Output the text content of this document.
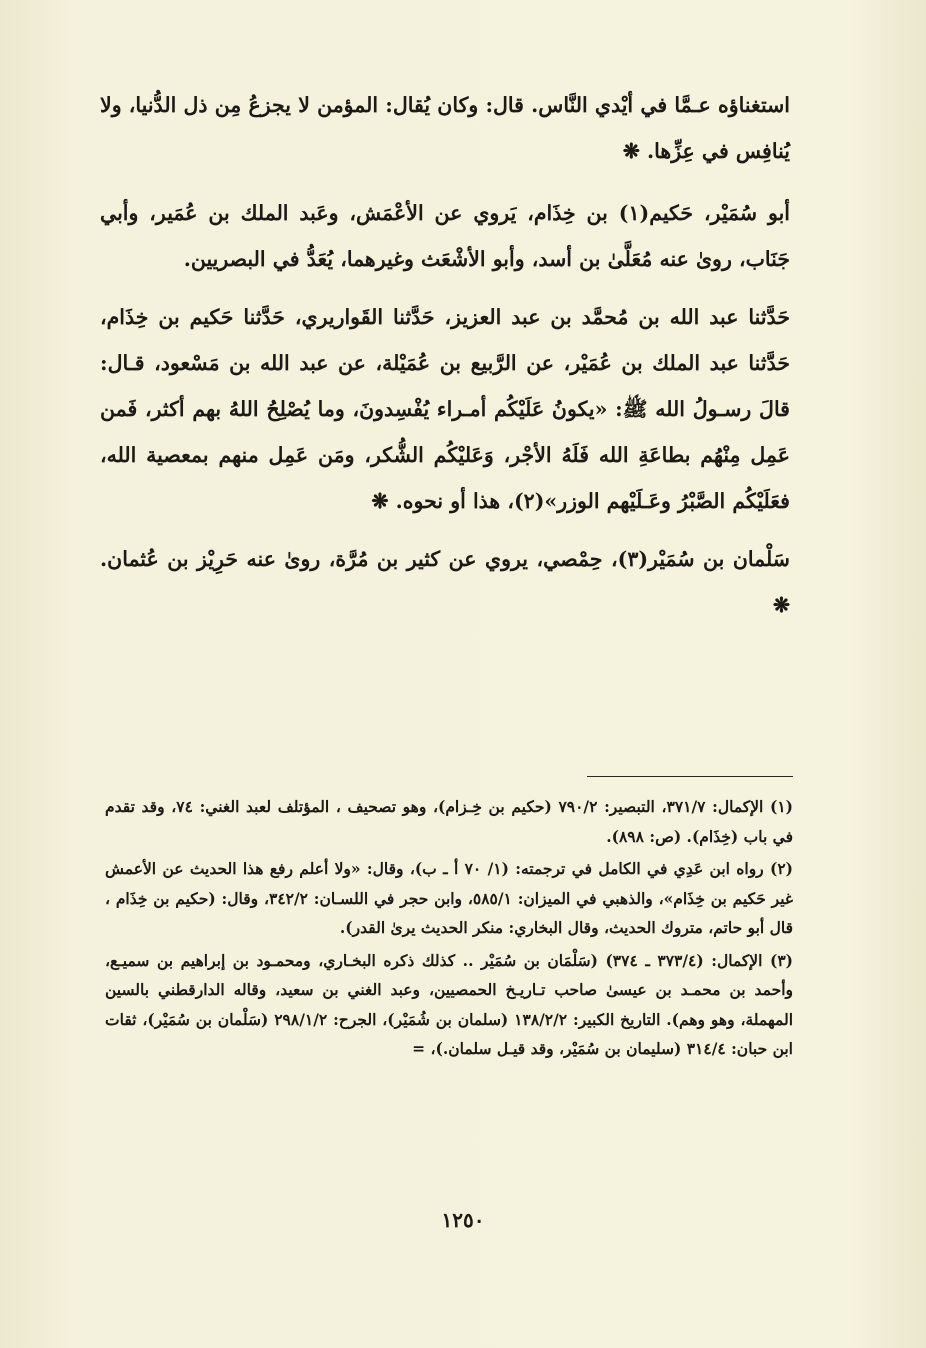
استغناؤه عـمَّا في أيْدي النَّاس. قال: وكان يُقال: المؤمن لا يجزعُ مِن ذل الدُّنيا، ولا يُنافِس في عِزِّها. ❋

أبو سُمَيْر، حَكيم(١) بن خِذَام، يَروي عن الأعْمَش، وعَبد الملك بن عُمَير، وأبي جَنَاب، روىٰ عنه مُعَلَّىٰ بن أسد، وأبو الأشْعَث وغيرهما، يُعَدُّ في البصريين.

حَدَّثنا عبد الله بن مُحمَّد بن عبد العزيز، حَدَّثنا القَواريري، حَدَّثنا حَكيم بن خِذَام، حَدَّثنا عبد الملك بن عُمَيْر، عن الرَّبيع بن عُمَيْلة، عن عبد الله بن مَسْعود، قـال: قالَ رسـولُ الله ﷺ: «يكونُ عَلَيْكُم أمـراء يُفْسِدونَ، وما يُصْلِحُ اللهُ بهم أكثر، فَمن عَمِل مِنْهُم بطاعَةِ الله فَلَهُ الأجْر، وَعَليْكُم الشُّكر، ومَن عَمِل منهم بمعصية الله، فعَلَيْكُم الصَّبْرُ وعَـلَيْهم الوزر»(٢)، هذا أو نحوه. ❋

سَلْمان بن سُمَيْر(٣)، حِمْصي، يروي عن كثير بن مُرَّة، روىٰ عنه حَرِيْز بن عُثمان. ❋

(١) الإكمال: ٣٧١/٧، التبصير: ٧٩٠/٢ (حكيم بن خِـزام)، وهو تصحيف ، المؤتلف لعبد الغني: ٧٤، وقد تقدم في باب (خِذَام). (ص: ٨٩٨).

(٢) رواه ابن عَدِي في الكامل في ترجمته: (١/ ٧٠ أ ـ ب)، وقال: «ولا أعلم رفع هذا الحديث عن الأعمش غير حَكيم بن خِذَام»، والذهبي في الميزان: ٥٨٥/١، وابن حجر في اللسـان: ٣٤٢/٢، وقال: (حكيم بن خِذَام ، قال أبو حاتم، متروك الحديث، وقال البخاري: منكر الحديث يرىٰ القدر).

(٣) الإكمال: (٣٧٣/٤ ـ ٣٧٤) (سَلْمَان بن سُمَيْر .. كذلك ذكره البخـاري، ومحمـود بن إبراهيم بن سميـع، وأحمد بن محمـد بن عيسىٰ صاحب تـاريـخ الحمصيين، وعبد الغني بن سعيد، وقاله الدارقطني بالسين المهملة، وهو وهم). التاريخ الكبير: ١٣٨/٢/٢ (سلمان بن شُمَيْر)، الجرح: ٢٩٨/١/٢ (سَلْمان بن سُمَيْر)، ثقات ابن حبان: ٣١٤/٤ (سليمان بن سُمَيْر، وقد قيـل سلمان.)، =

١٢٥٠
